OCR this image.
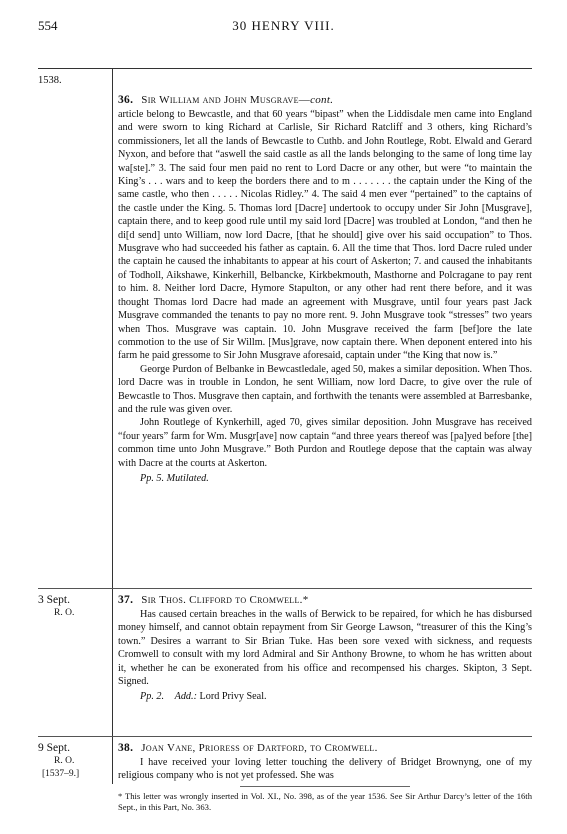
554	30 HENRY VIII.
1538.
36. Sir William and John Musgrave—cont.

article belong to Bewcastle, and that 60 years “bipast” when the Liddisdale men came into England and were sworn to king Richard at Carlisle, Sir Richard Ratcliff and 3 others, king Richard’s commissioners, let all the lands of Bewcastle to Cuthb. and John Routlege, Robt. Elwald and Gerard Nyxon, and before that “aswell the said castle as all the lands belonging to the same of long time lay wa[ste].” 3. The said four men paid no rent to Lord Dacre or any other, but were “to maintain the King’s . . . wars and to keep the borders there and to m . . . . . . . the captain under the King of the same castle, who then . . . . . Nicolas Ridley.” 4. The said 4 men ever “pertained” to the captains of the castle under the King. 5. Thomas lord [Dacre] undertook to occupy under Sir John [Musgrave], captain there, and to keep good rule until my said lord [Dacre] was troubled at London, “and then he di[d send] unto William, now lord Dacre, [that he should] give over his said occupation” to Thos. Musgrave who had succeeded his father as captain. 6. All the time that Thos. lord Dacre ruled under the captain he caused the inhabitants to appear at his court of Askerton; 7. and caused the inhabitants of Todholl, Aikshawe, Kinkerhill, Belbancke, Kirkbekmouth, Masthorne and Polcragane to pay rent to him. 8. Neither lord Dacre, Hymore Stapulton, or any other had rent there before, and it was thought Thomas lord Dacre had made an agreement with Musgrave, until four years past Jack Musgrave commanded the tenants to pay no more rent. 9. John Musgrave took “stresses” two years when Thos. Musgrave was captain. 10. John Musgrave received the farm [bef]ore the late commotion to the use of Sir Willm. [Mus]grave, now captain there. When deponent entered into his farm he paid gressome to Sir John Musgrave aforesaid, captain under “the King that now is.”

George Purdon of Belbanke in Bewcastledale, aged 50, makes a similar deposition. When Thos. lord Dacre was in trouble in London, he sent William, now lord Dacre, to give over the rule of Bewcastle to Thos. Musgrave then captain, and forthwith the tenants were assembled at Barresbanke, and the rule was given over.

John Routlege of Kynkerhill, aged 70, gives similar deposition. John Musgrave has received “four years” farm for Wm. Musgr[ave] now captain “and three years thereof was [pa]yed before [the] common time unto John Musgrave.” Both Purdon and Routlege depose that the captain was alway with Dacre at the courts at Askerton.

Pp. 5. Mutilated.
3 Sept.
R. O.
37. Sir Thos. Clifford to Cromwell.*

Has caused certain breaches in the walls of Berwick to be repaired, for which he has disbursed money himself, and cannot obtain repayment from Sir George Lawson, “treasurer of this the King’s town.” Desires a warrant to Sir Brian Tuke. Has been sore vexed with sickness, and requests Cromwell to consult with my lord Admiral and Sir Anthony Browne, to whom he has written about it, whether he can be exonerated from his office and recompensed his charges. Skipton, 3 Sept. Signed.

Pp. 2. Add.: Lord Privy Seal.
9 Sept.
R. O.
[1537–9.]
38. Joan Vane, Prioress of Dartford, to Cromwell.

I have received your loving letter touching the delivery of Bridget Brownyng, one of my religious company who is not yet professed. She was

* This letter was wrongly inserted in Vol. XI., No. 398, as of the year 1536. See Sir Arthur Darcy’s letter of the 16th Sept., in this Part, No. 363.
